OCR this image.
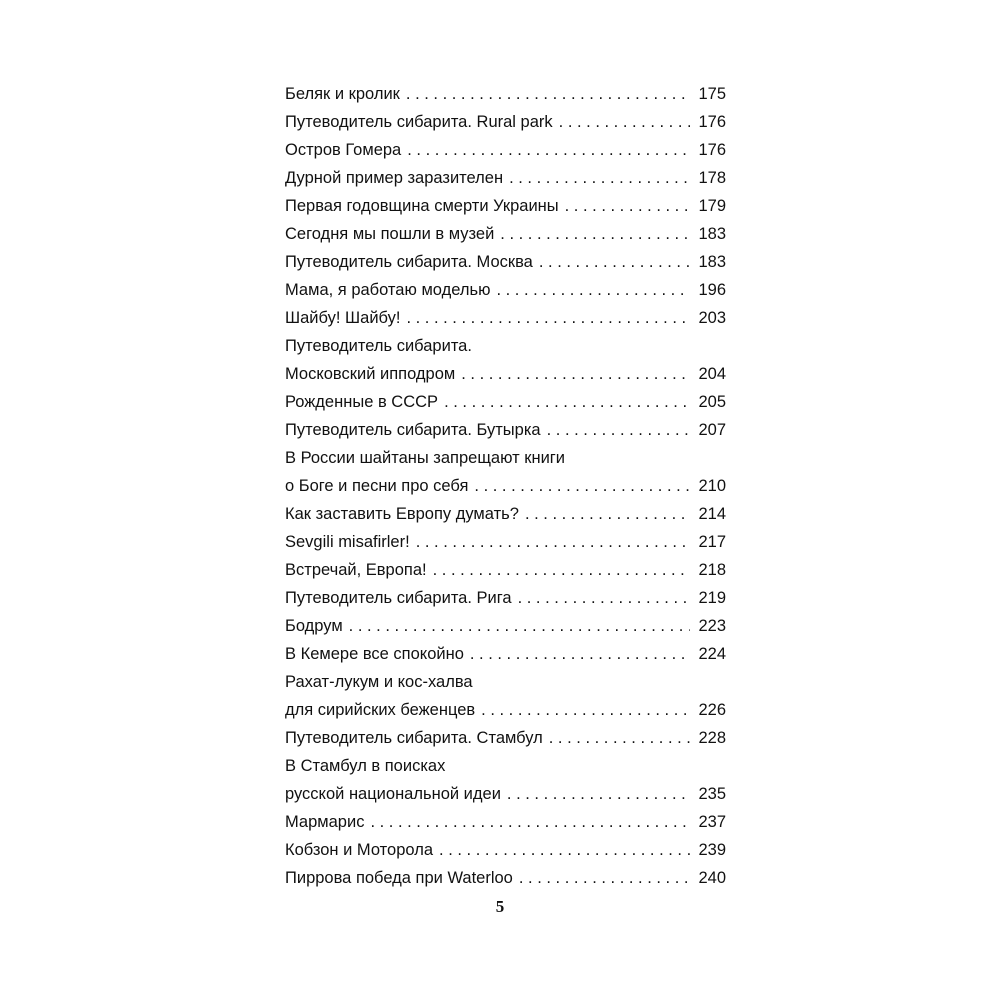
Беляк и кролик . . .	175
Путеводитель сибарита. Rural park . . .	176
Остров Гомера . . .	176
Дурной пример заразителен . . .	178
Первая годовщина смерти Украины . . .	179
Сегодня мы пошли в музей . . .	183
Путеводитель сибарита. Москва . . .	183
Мама, я работаю моделью . . .	196
Шайбу! Шайбу! . . .	203
Путеводитель сибарита.
Московский ипподром . . .	204
Рожденные в СССР . . .	205
Путеводитель сибарита. Бутырка . . .	207
В России шайтаны запрещают книги
о Боге и песни про себя . . .	210
Как заставить Европу думать? . . .	214
Sevgili misafirler! . . .	217
Встречай, Европа! . . .	218
Путеводитель сибарита. Рига . . .	219
Бодрум . . .	223
В Кемере все спокойно . . .	224
Рахат-лукум и кос-халва
для сирийских беженцев . . .	226
Путеводитель сибарита. Стамбул . . .	228
В Стамбул в поисках
русской национальной идеи . . .	235
Мармарис . . .	237
Кобзон и Моторола . . .	239
Пиррова победа при Waterloo . . .	240
5
